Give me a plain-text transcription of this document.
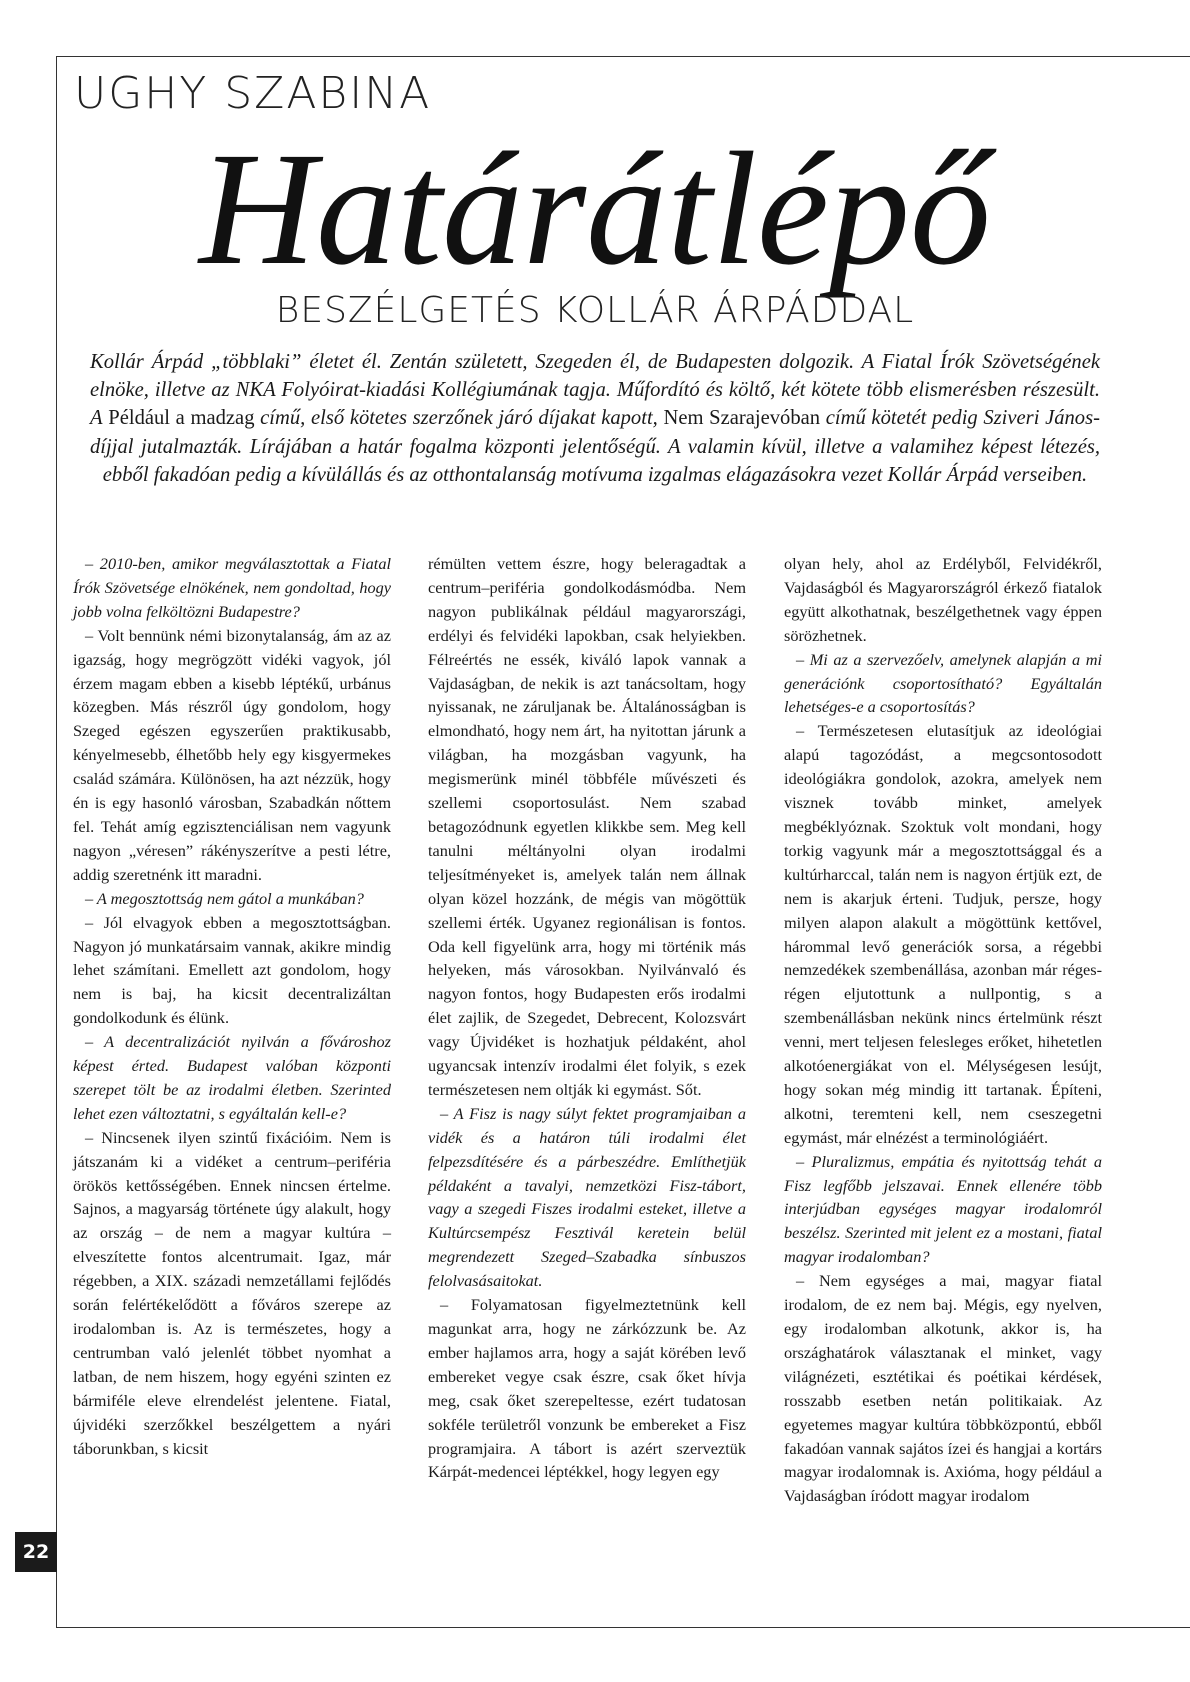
UGHY SZABINA
Határátlépő
BESZÉLGETÉS KOLLÁR ÁRPÁDDAL

Kollár Árpád „többlaki” életet él. Zentán született, Szegeden él, de Budapesten dolgozik. A Fiatal Írók Szövetségének elnöke, illetve az NKA Folyóirat-kiadási Kollégiumának tagja. Műfordító és költő, két kötete több elismerésben részesült. A Például a madzag című, első kötetes szerzőnek járó díjakat kapott, Nem Szarajevóban című kötetét pedig Sziveri János-díjjal jutalmazták. Lírájában a határ fogalma központi jelentőségű. A valamin kívül, illetve a valamihez képest létezés, ebből fakadóan pedig a kívülállás és az otthontalanság motívuma izgalmas elágazásokra vezet Kollár Árpád verseiben.

– 2010-ben, amikor megválasztottak a Fiatal Írók Szövetsége elnökének, nem gondoltad, hogy jobb volna felköltözni Budapestre?

– Volt bennünk némi bizonytalanság, ám az az igazság, hogy megrögzött vidéki vagyok, jól érzem magam ebben a kisebb léptékű, urbánus közegben. Más részről úgy gondolom, hogy Szeged egészen egyszerűen praktikusabb, kényelmesebb, élhetőbb hely egy kisgyermekes család számára. Különösen, ha azt nézzük, hogy én is egy hasonló városban, Szabadkán nőttem fel. Tehát amíg egzisztenciálisan nem vagyunk nagyon „véresen” rákényszerítve a pesti létre, addig szeretnénk itt maradni.

– A megosztottság nem gátol a munkában?

– Jól elvagyok ebben a megosztottságban. Nagyon jó munkatársaim vannak, akikre mindig lehet számítani. Emellett azt gondolom, hogy nem is baj, ha kicsit decentralizáltan gondolkodunk és élünk.

– A decentralizációt nyilván a fővároshoz képest érted. Budapest valóban központi szerepet tölt be az irodalmi életben. Szerinted lehet ezen változtatni, s egyáltalán kell-e?

– Nincsenek ilyen szintű fixációim. Nem is játszanám ki a vidéket a centrum–periféria örökös kettősségében. Ennek nincsen értelme. Sajnos, a magyarság története úgy alakult, hogy az ország – de nem a magyar kultúra – elveszítette fontos alcentrumait. Igaz, már régebben, a XIX. századi nemzetállami fejlődés során felértékelődött a főváros szerepe az irodalomban is. Az is természetes, hogy a centrumban való jelenlét többet nyomhat a latban, de nem hiszem, hogy egyéni szinten ez bármiféle eleve elrendelést jelentene. Fiatal, újvidéki szerzőkkel beszélgettem a nyári táborunkban, s kicsit

rémülten vettem észre, hogy beleragadtak a centrum–periféria gondolkodásmódba. Nem nagyon publikálnak például magyarországi, erdélyi és felvidéki lapokban, csak helyiekben. Félreértés ne essék, kiváló lapok vannak a Vajdaságban, de nekik is azt tanácsoltam, hogy nyissanak, ne záruljanak be. Általánosságban is elmondható, hogy nem árt, ha nyitottan járunk a világban, ha mozgásban vagyunk, ha megismerünk minél többféle művészeti és szellemi csoportosulást. Nem szabad betagozódnunk egyetlen klikkbe sem. Meg kell tanulni méltányolni olyan irodalmi teljesítményeket is, amelyek talán nem állnak olyan közel hozzánk, de mégis van mögöttük szellemi érték. Ugyanez regionálisan is fontos. Oda kell figyelünk arra, hogy mi történik más helyeken, más városokban. Nyilvánvaló és nagyon fontos, hogy Budapesten erős irodalmi élet zajlik, de Szegedet, Debrecent, Kolozsvárt vagy Újvidéket is hozhatjuk példaként, ahol ugyancsak intenzív irodalmi élet folyik, s ezek természetesen nem oltják ki egymást. Sőt.

– A Fisz is nagy súlyt fektet programjaiban a vidék és a határon túli irodalmi élet felpezsdítésére és a párbeszédre. Említhetjük példaként a tavalyi, nemzetközi Fisz-tábort, vagy a szegedi Fiszes irodalmi esteket, illetve a Kultúrcsempész Fesztivál keretein belül megrendezett Szeged–Szabadka sínbuszos felolvasásaitokat.

– Folyamatosan figyelmeztetnünk kell magunkat arra, hogy ne zárkózzunk be. Az ember hajlamos arra, hogy a saját körében levő embereket vegye csak észre, csak őket hívja meg, csak őket szerepeltesse, ezért tudatosan sokféle területről vonzunk be embereket a Fisz programjaira. A tábort is azért szerveztük Kárpát-medencei léptékkel, hogy legyen egy

olyan hely, ahol az Erdélyből, Felvidékről, Vajdaságból és Magyarországról érkező fiatalok együtt alkothatnak, beszélgethetnek vagy éppen sörözhetnek.

– Mi az a szervezőelv, amelynek alapján a mi generációnk csoportosítható? Egyáltalán lehetséges-e a csoportosítás?

– Természetesen elutasítjuk az ideológiai alapú tagozódást, a megcsontosodott ideológiákra gondolok, azokra, amelyek nem visznek tovább minket, amelyek megbéklyóznak. Szoktuk volt mondani, hogy torkig vagyunk már a megosztottsággal és a kultúrharccal, talán nem is nagyon értjük ezt, de nem is akarjuk érteni. Tudjuk, persze, hogy milyen alapon alakult a mögöttünk kettővel, hárommal levő generációk sorsa, a régebbi nemzedékek szembenállása, azonban már réges-régen eljutottunk a nullpontig, s a szembenállásban nekünk nincs értelmünk részt venni, mert teljesen felesleges erőket, hihetetlen alkotóenergiákat von el. Mélységesen lesújt, hogy sokan még mindig itt tartanak. Építeni, alkotni, teremteni kell, nem cseszegetni egymást, már elnézést a terminológiáért.

– Pluralizmus, empátia és nyitottság tehát a Fisz legfőbb jelszavai. Ennek ellenére több interjúdban egységes magyar irodalomról beszélsz. Szerinted mit jelent ez a mostani, fiatal magyar irodalomban?

– Nem egységes a mai, magyar fiatal irodalom, de ez nem baj. Mégis, egy nyelven, egy irodalomban alkotunk, akkor is, ha országhatárok választanak el minket, vagy világnézeti, esztétikai és poétikai kérdések, rosszabb esetben netán politikaiak. Az egyetemes magyar kultúra többközpontú, ebből fakadóan vannak sajátos ízei és hangjai a kortárs magyar irodalomnak is. Axióma, hogy például a Vajdaságban íródott magyar irodalom

22
